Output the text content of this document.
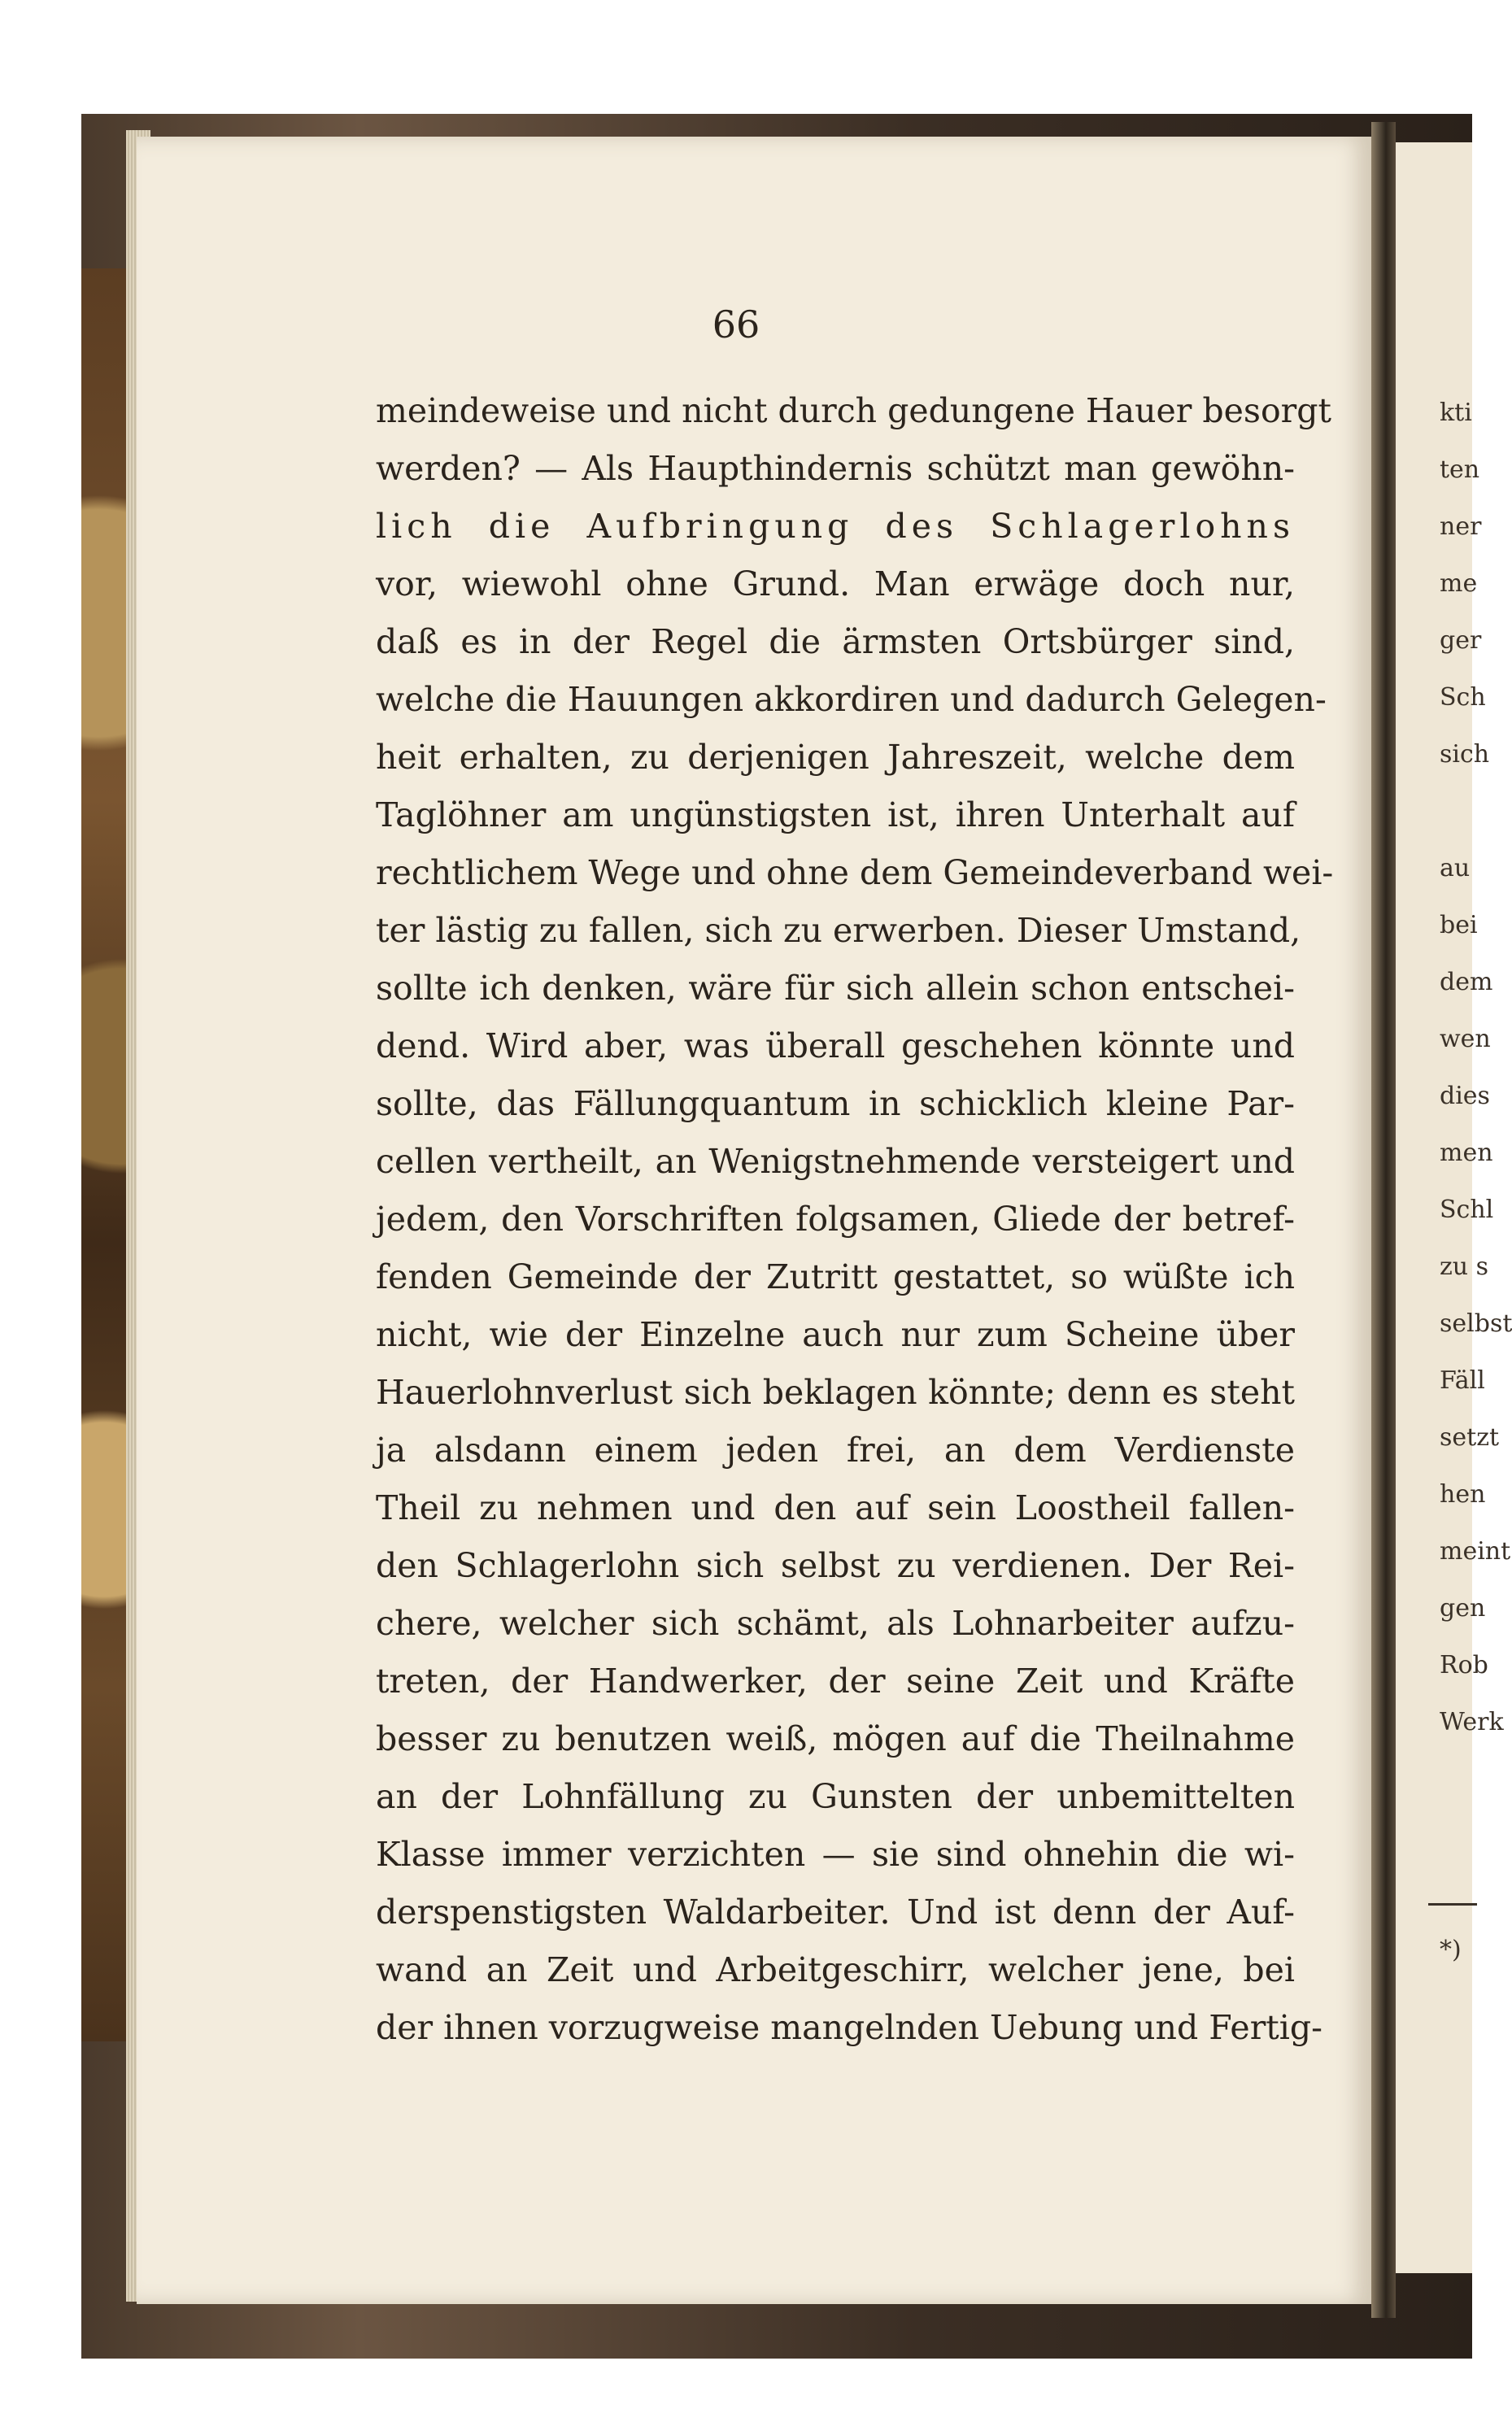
66
meindeweise und nicht durch gedungene Hauer besorgt
werden? — Als Haupthindernis schützt man gewöhn-
lich die Aufbringung des Schlagerlohns
vor, wiewohl ohne Grund. Man erwäge doch nur,
daß es in der Regel die ärmsten Ortsbürger sind,
welche die Hauungen akkordiren und dadurch Gelegen-
heit erhalten, zu derjenigen Jahreszeit, welche dem
Taglöhner am ungünstigsten ist, ihren Unterhalt auf
rechtlichem Wege und ohne dem Gemeindeverband wei-
ter lästig zu fallen, sich zu erwerben. Dieser Umstand,
sollte ich denken, wäre für sich allein schon entschei-
dend. Wird aber, was überall geschehen könnte und
sollte, das Fällungquantum in schicklich kleine Par-
cellen vertheilt, an Wenigstnehmende versteigert und
jedem, den Vorschriften folgsamen, Gliede der betref-
fenden Gemeinde der Zutritt gestattet, so wüßte ich
nicht, wie der Einzelne auch nur zum Scheine über
Hauerlohnverlust sich beklagen könnte; denn es steht
ja alsdann einem jeden frei, an dem Verdienste
Theil zu nehmen und den auf sein Loostheil fallen-
den Schlagerlohn sich selbst zu verdienen. Der Rei-
chere, welcher sich schämt, als Lohnarbeiter aufzu-
treten, der Handwerker, der seine Zeit und Kräfte
besser zu benutzen weiß, mögen auf die Theilnahme
an der Lohnfällung zu Gunsten der unbemittelten
Klasse immer verzichten — sie sind ohnehin die wi-
derspenstigsten Waldarbeiter. Und ist denn der Auf-
wand an Zeit und Arbeitgeschirr, welcher jene, bei
der ihnen vorzugweise mangelnden Uebung und Fertig-
kti
ten
ner
me
ger
Sch
sich
au
bei
dem
wen
dies
men
Schl
zu s
selbst
Fäll
setzt
hen
meint
gen
Rob
Werk
*)
